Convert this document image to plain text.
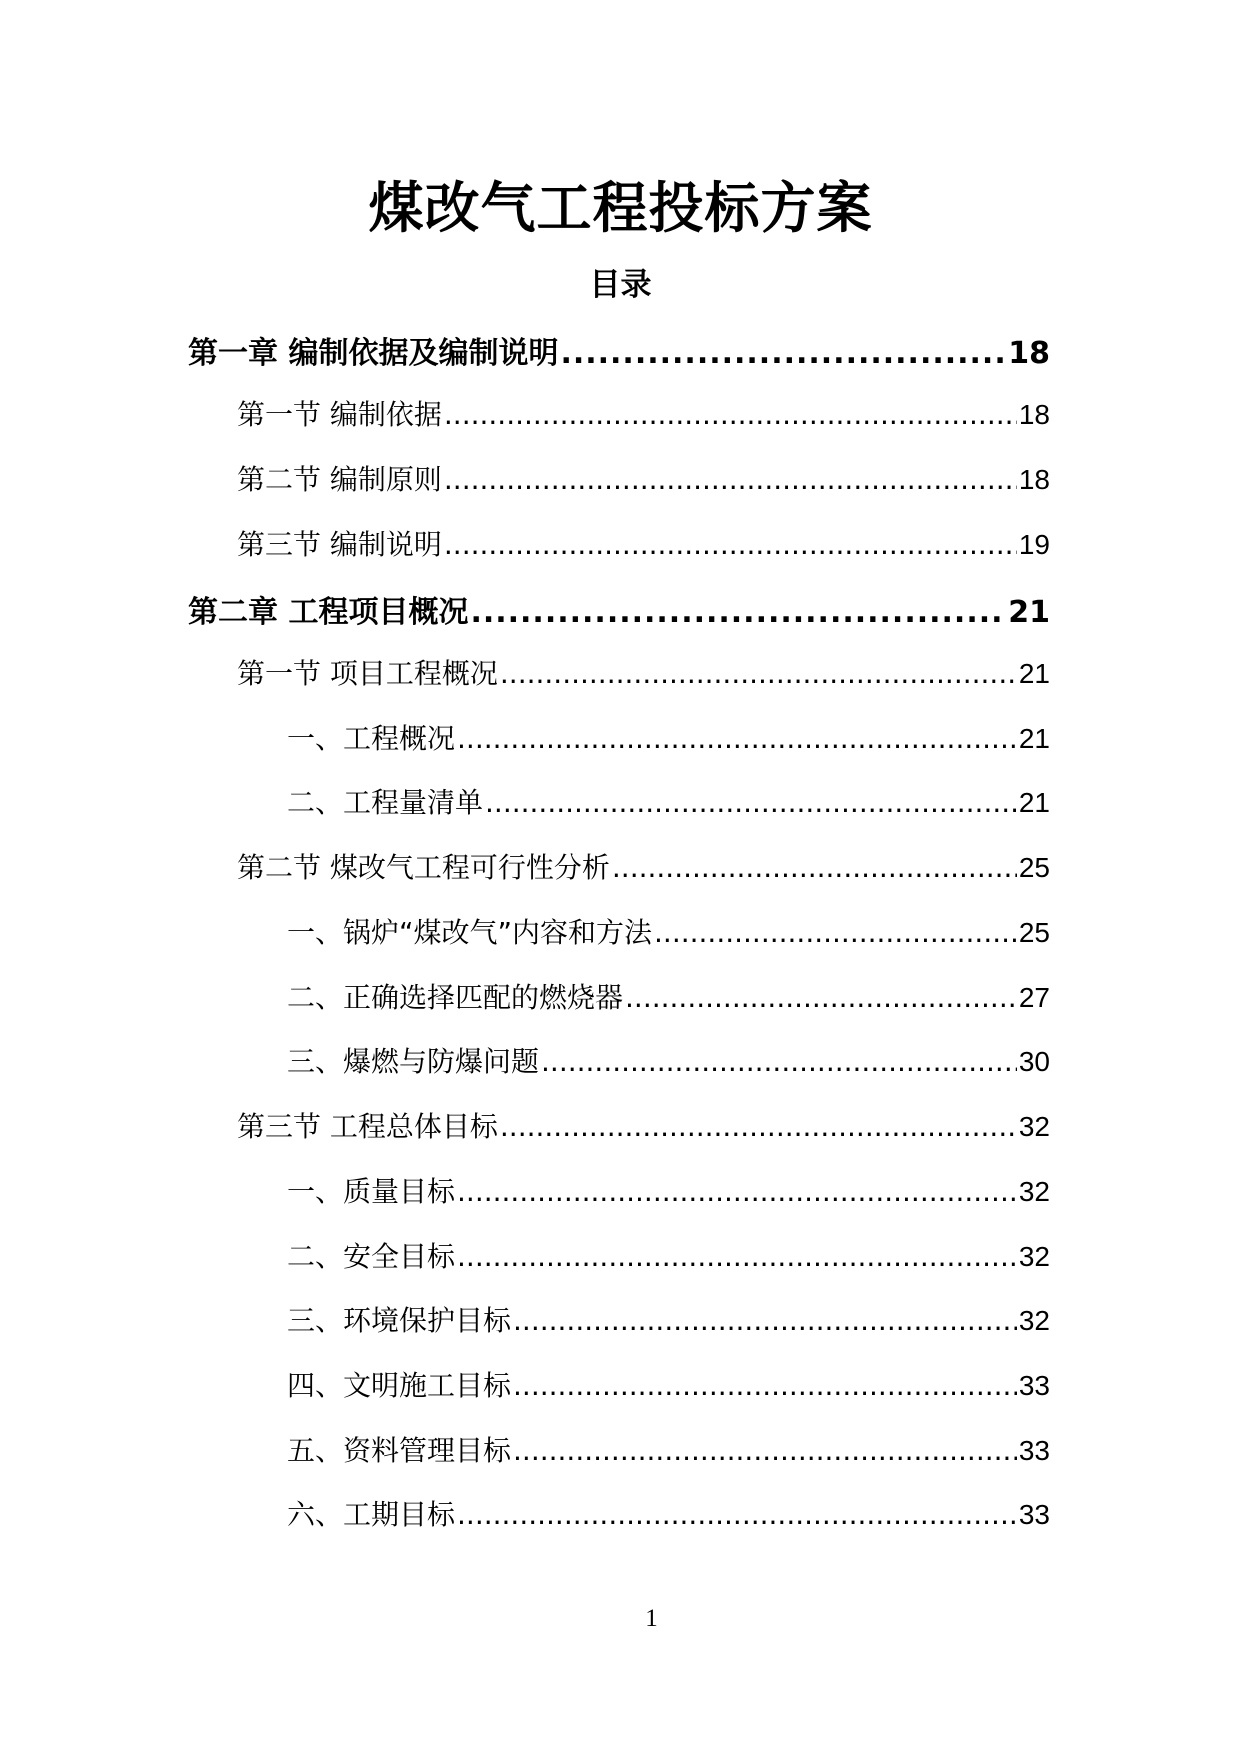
煤改气工程投标方案
目录
第一章 编制依据及编制说明 .....	18
第一节 编制依据 .....	18
第二节 编制原则 .....	18
第三节 编制说明 .....	19
第二章 工程项目概况 .....	21
第一节 项目工程概况 .....	21
一、工程概况 .....	21
二、工程量清单 .....	21
第二节 煤改气工程可行性分析 .....	25
一、锅炉“煤改气”内容和方法 .....	25
二、正确选择匹配的燃烧器 .....	27
三、爆燃与防爆问题 .....	30
第三节 工程总体目标 .....	32
一、质量目标 .....	32
二、安全目标 .....	32
三、环境保护目标 .....	32
四、文明施工目标 .....	33
五、资料管理目标 .....	33
六、工期目标 .....	33
1
